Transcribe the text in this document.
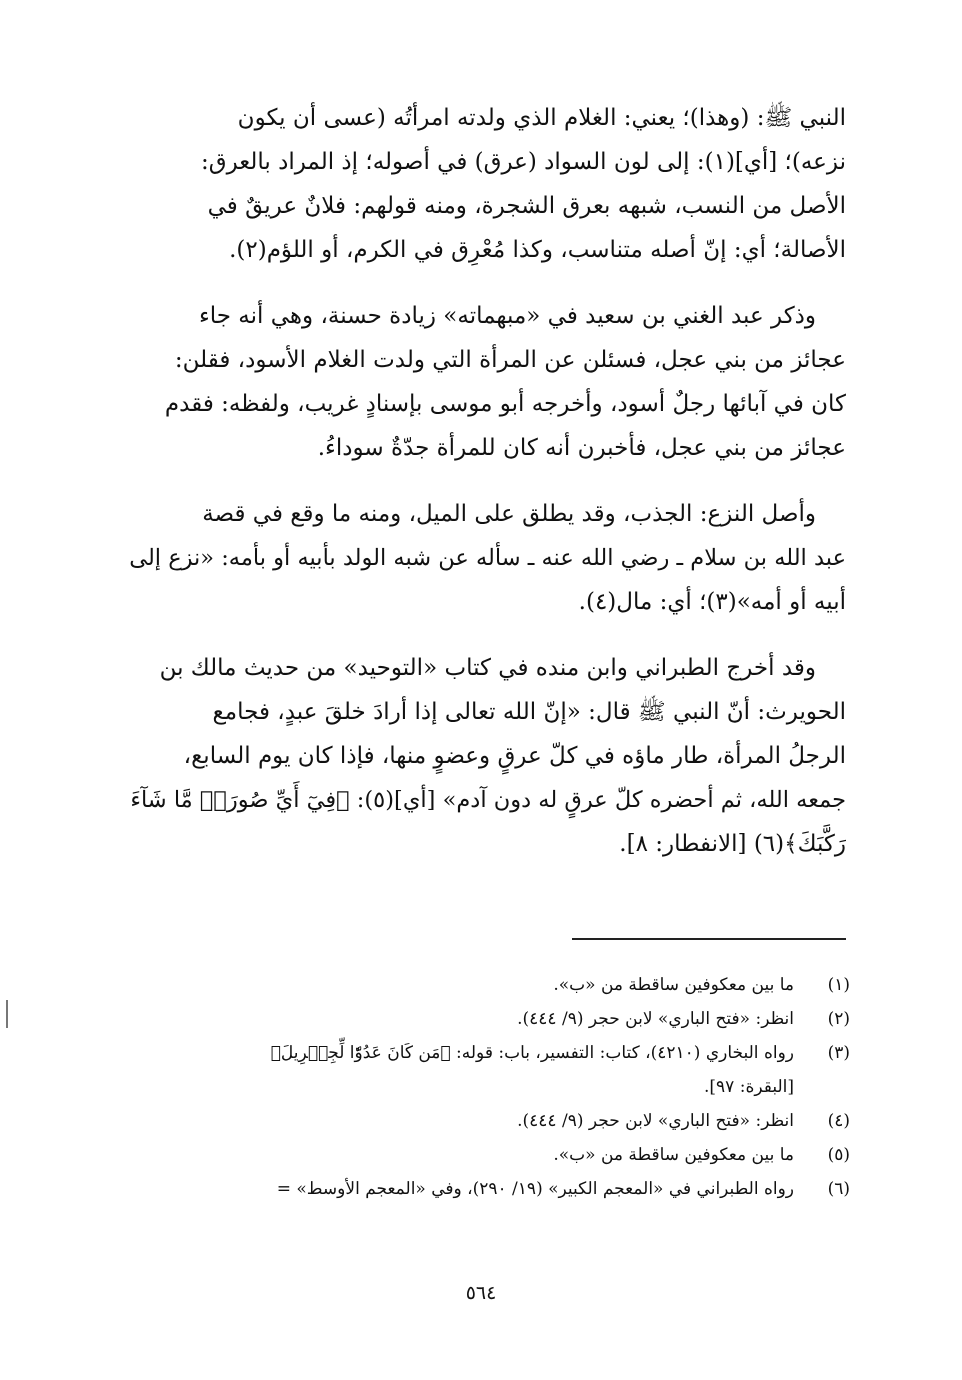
النبي ﷺ: (وهذا)؛ يعني: الغلام الذي ولدته امرأتُه (عسى أن يكون
نزعه)؛ [أي](١): إلى لون السواد (عرق) في أصوله؛ إذ المراد بالعرق:
الأصل من النسب، شبهه بعرق الشجرة، ومنه قولهم: فلانٌ عريقٌ في
الأصالة؛ أي: إنّ أصله متناسب، وكذا مُعْرِق في الكرم، أو اللؤم(٢).

وذكر عبد الغني بن سعيد في «مبهماته» زيادة حسنة، وهي أنه جاء
عجائز من بني عجل، فسئلن عن المرأة التي ولدت الغلام الأسود، فقلن:
كان في آبائها رجلٌ أسود، وأخرجه أبو موسى بإسنادٍ غريب، ولفظه: فقدم
عجائز من بني عجل، فأخبرن أنه كان للمرأة جدّةٌ سوداءُ.

وأصل النزع: الجذب، وقد يطلق على الميل، ومنه ما وقع في قصة
عبد الله بن سلام ـ رضي الله عنه ـ سأله عن شبه الولد بأبيه أو بأمه: «نزع إلى
أبيه أو أمه»(٣)؛ أي: مال(٤).

وقد أخرج الطبراني وابن منده في كتاب «التوحيد» من حديث مالك بن
الحويرث: أنّ النبي ﷺ قال: «إنّ الله تعالى إذا أرادَ خلقَ عبدٍ، فجامع
الرجلُ المرأة، طار ماؤه في كلّ عرقٍ وعضوٍ منها، فإذا كان يوم السابع،
جمعه الله، ثم أحضره كلّ عرقٍ له دون آدم» [أي](٥): ﴿فِيٓ أَيِّ صُورَةٖ مَّا شَآءَ
رَكَّبَكَ﴾(٦) [الانفطار: ٨].

(١)
ما بين معكوفين ساقطة من «ب».
(٢)
انظر: «فتح الباري» لابن حجر (٩/ ٤٤٤).
(٣)
رواه البخاري (٤٢١٠)، كتاب: التفسير، باب: قوله: ﴿مَن كَانَ عَدُوّٗا لِّجِبۡرِيلَ﴾
[البقرة: ٩٧].
(٤)
انظر: «فتح الباري» لابن حجر (٩/ ٤٤٤).
(٥)
ما بين معكوفين ساقطة من «ب».
(٦)
رواه الطبراني في «المعجم الكبير» (١٩/ ٢٩٠)، وفي «المعجم الأوسط» =
٥٦٤
